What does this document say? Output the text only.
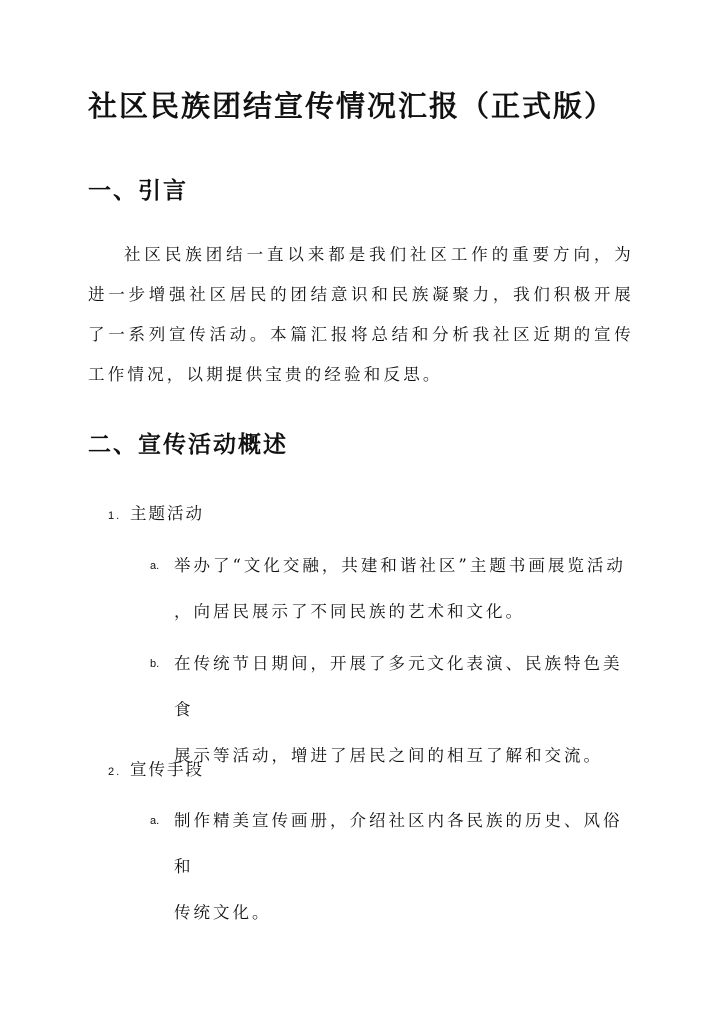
社区民族团结宣传情况汇报（正式版）
一、引言

社区民族团结一直以来都是我们社区工作的重要方向，为进一步增强社区居民的团结意识和民族凝聚力，我们积极开展了一系列宣传活动。本篇汇报将总结和分析我社区近期的宣传工作情况，以期提供宝贵的经验和反思。

二、宣传活动概述
1. 主题活动
a. 举办了“文化交融，共建和谐社区”主题书画展览活动
，向居民展示了不同民族的艺术和文化。
b. 在传统节日期间，开展了多元文化表演、民族特色美食
展示等活动，增进了居民之间的相互了解和交流。
2. 宣传手段
a. 制作精美宣传画册，介绍社区内各民族的历史、风俗和
传统文化。
